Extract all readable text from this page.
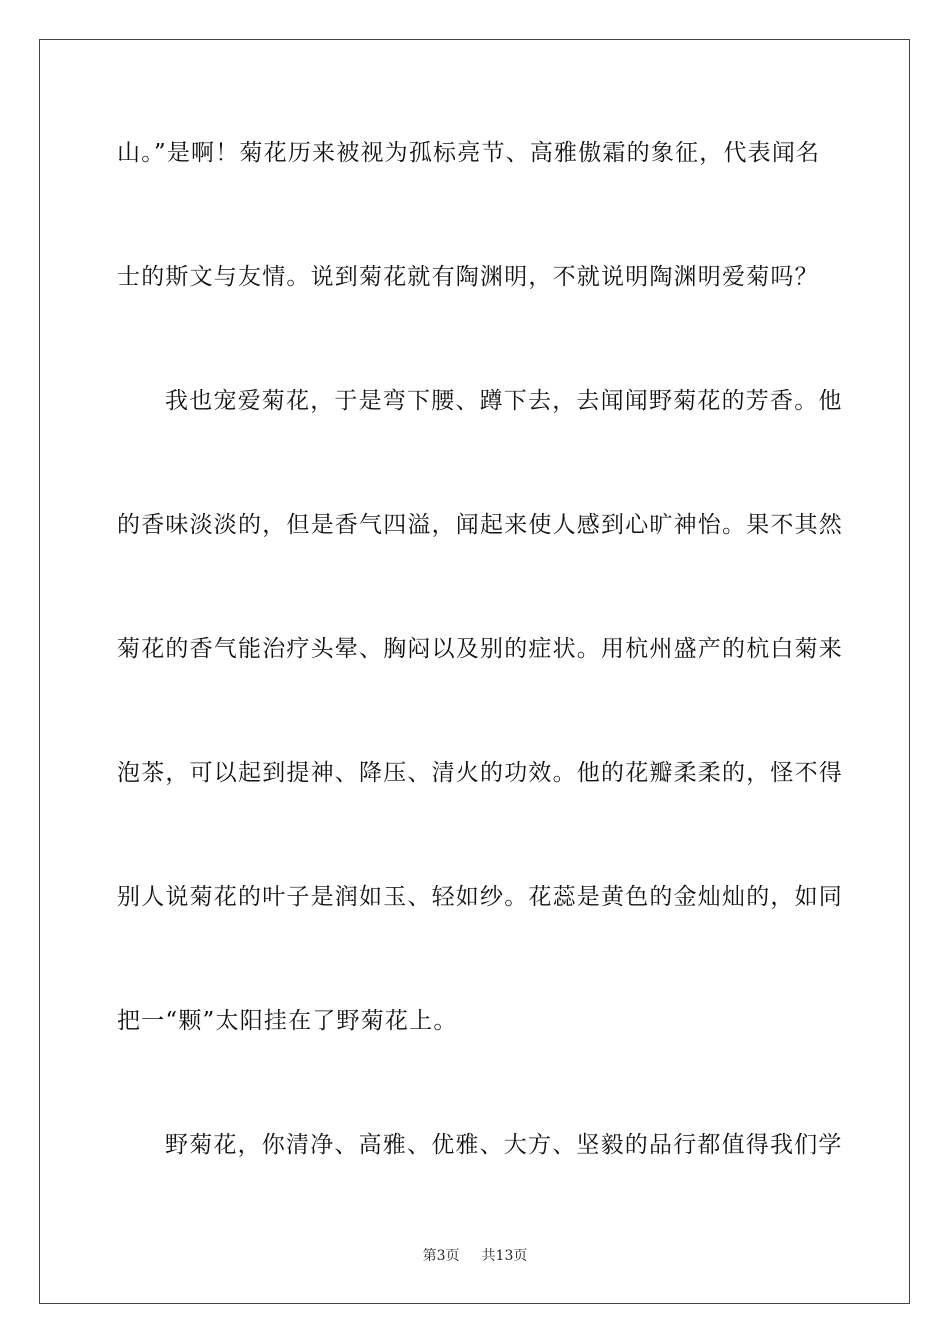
山。”是啊！菊花历来被视为孤标亮节、高雅傲霜的象征，代表闻名
士的斯文与友情。说到菊花就有陶渊明，不就说明陶渊明爱菊吗？
我也宠爱菊花，于是弯下腰、蹲下去，去闻闻野菊花的芳香。他
的香味淡淡的，但是香气四溢，闻起来使人感到心旷神怡。果不其然
菊花的香气能治疗头晕、胸闷以及别的症状。用杭州盛产的杭白菊来
泡茶，可以起到提神、降压、清火的功效。他的花瓣柔柔的，怪不得
别人说菊花的叶子是润如玉、轻如纱。花蕊是黄色的金灿灿的，如同
把一“颗”太阳挂在了野菊花上。
野菊花，你清净、高雅、优雅、大方、坚毅的品行都值得我们学
第3页 共13页
